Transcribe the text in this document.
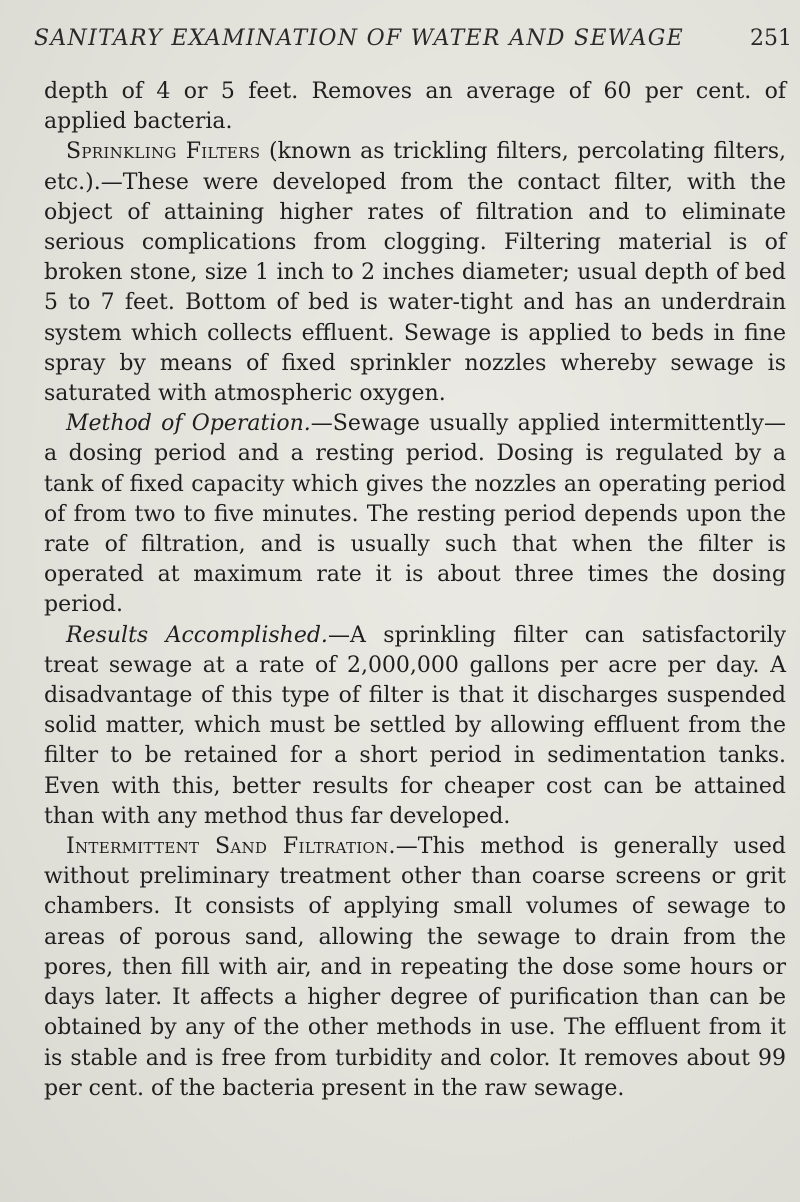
SANITARY EXAMINATION OF WATER AND SEWAGE	251

depth of 4 or 5 feet. Removes an average of 60 per cent. of applied bacteria.

Sprinkling Filters (known as trickling filters, percolating filters, etc.).—These were developed from the contact filter, with the object of attaining higher rates of filtration and to eliminate serious complications from clogging. Filtering material is of broken stone, size 1 inch to 2 inches diameter; usual depth of bed 5 to 7 feet. Bottom of bed is water-tight and has an underdrain system which collects effluent. Sewage is applied to beds in fine spray by means of fixed sprinkler nozzles whereby sewage is saturated with atmospheric oxygen.

Method of Operation.—Sewage usually applied intermittently—a dosing period and a resting period. Dosing is regulated by a tank of fixed capacity which gives the nozzles an operating period of from two to five minutes. The resting period depends upon the rate of filtration, and is usually such that when the filter is operated at maximum rate it is about three times the dosing period.

Results Accomplished.—A sprinkling filter can satisfactorily treat sewage at a rate of 2,000,000 gallons per acre per day. A disadvantage of this type of filter is that it discharges suspended solid matter, which must be settled by allowing effluent from the filter to be retained for a short period in sedimentation tanks. Even with this, better results for cheaper cost can be attained than with any method thus far developed.

Intermittent Sand Filtration.—This method is generally used without preliminary treatment other than coarse screens or grit chambers. It consists of applying small volumes of sewage to areas of porous sand, allowing the sewage to drain from the pores, then fill with air, and in repeating the dose some hours or days later. It affects a higher degree of purification than can be obtained by any of the other methods in use. The effluent from it is stable and is free from turbidity and color. It removes about 99 per cent. of the bacteria present in the raw sewage.
